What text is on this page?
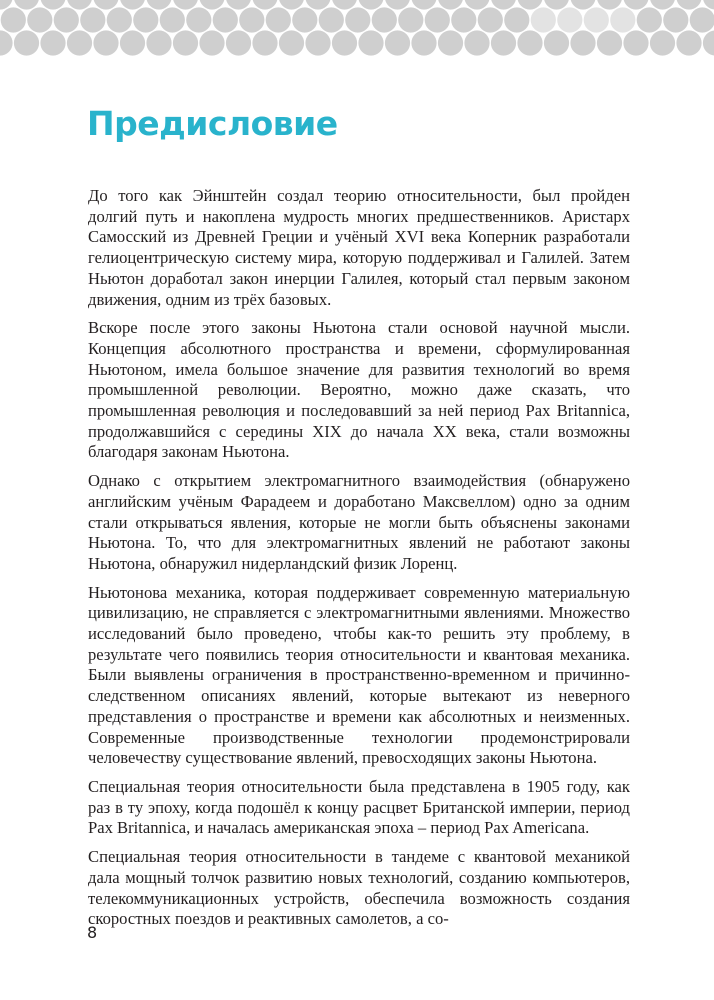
Предисловие

До того как Эйнштейн создал теорию относительности, был пройден долгий путь и накоплена мудрость многих предшественников. Аристарх Самосский из Древней Греции и учёный XVI века Коперник разработали гелиоцентрическую систему мира, которую поддерживал и Галилей. Затем Ньютон доработал закон инерции Галилея, который стал первым законом движения, одним из трёх базовых.

Вскоре после этого законы Ньютона стали основой научной мысли. Концепция абсолютного пространства и времени, сформулированная Ньютоном, имела большое значение для развития технологий во время промышленной революции. Вероятно, можно даже сказать, что промышленная революция и последовавший за ней период Pax Britannica, продолжавшийся с середины XIX до начала XX века, стали возможны благодаря законам Ньютона.

Однако с открытием электромагнитного взаимодействия (обнаружено английским учёным Фарадеем и доработано Максвеллом) одно за одним стали открываться явления, которые не могли быть объяснены законами Ньютона. То, что для электромагнитных явлений не работают законы Ньютона, обнаружил нидерландский физик Лоренц.

Ньютонова механика, которая поддерживает современную материальную цивилизацию, не справляется с электромагнитными явлениями. Множество исследований было проведено, чтобы как-то решить эту проблему, в результате чего появились теория относительности и квантовая механика. Были выявлены ограничения в пространственно-временном и причинно-следственном описаниях явлений, которые вытекают из неверного представления о пространстве и времени как абсолютных и неизменных. Современные производственные технологии продемонстрировали человечеству существование явлений, превосходящих законы Ньютона.

Специальная теория относительности была представлена в 1905 году, как раз в ту эпоху, когда подошёл к концу расцвет Британской империи, период Pax Britannica, и началась американская эпоха – период Pax Americana.

Специальная теория относительности в тандеме с квантовой механикой дала мощный толчок развитию новых технологий, созданию компьютеров, телекоммуникационных устройств, обеспечила возможность создания скоростных поездов и реактивных самолетов, а со-

8
